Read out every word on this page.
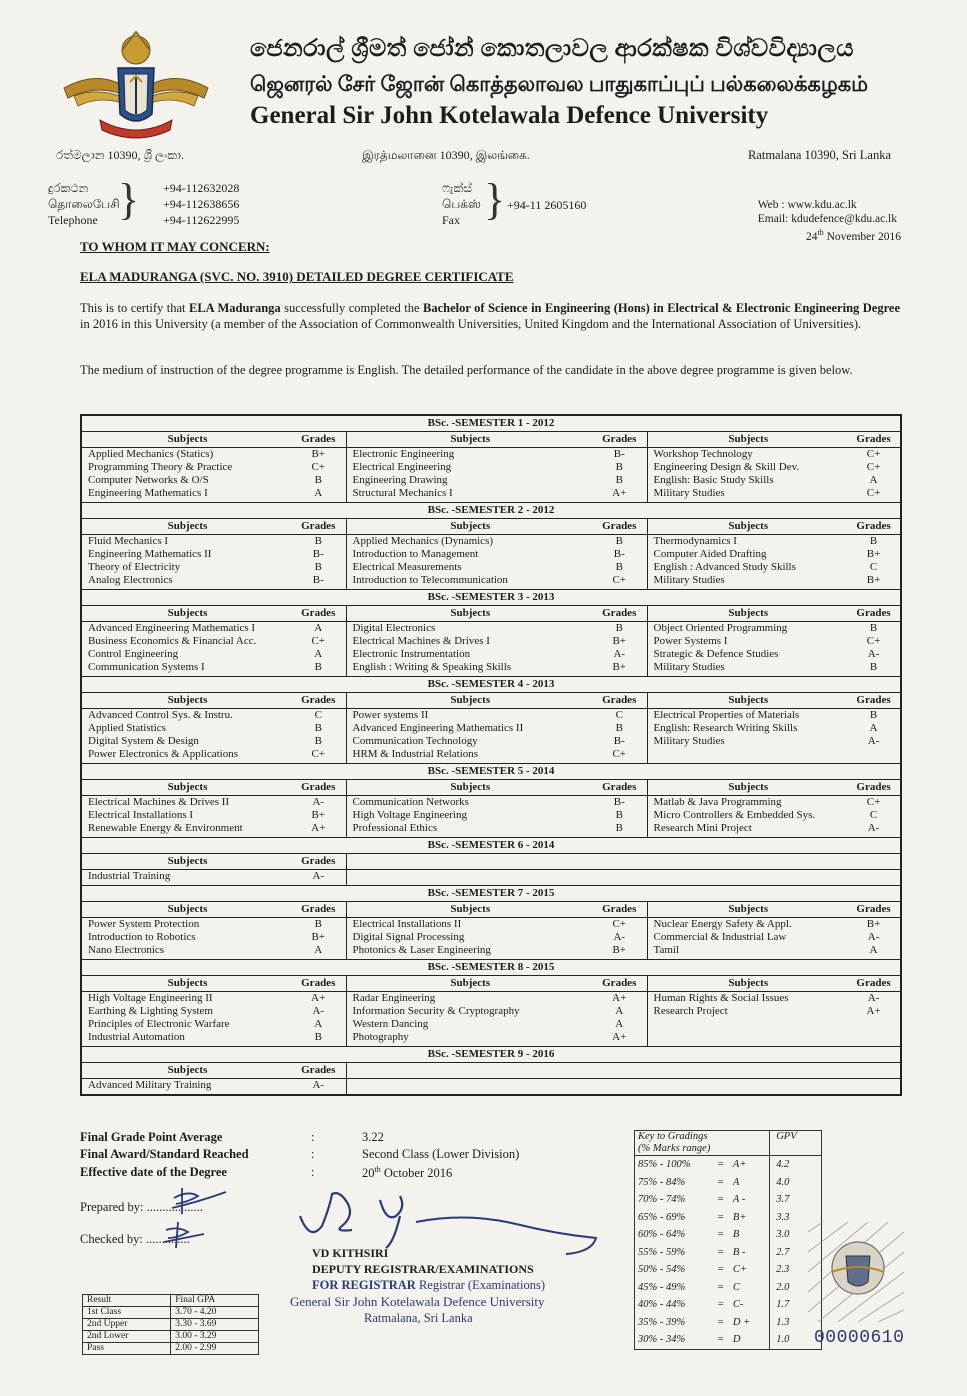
ජෙනරාල් ශ්‍රීමත් ජෝන් කොතලාවල ආරක්ෂක විශ්වවිද්‍යාලය
ஜெனரல் சேர் ஜோன் கொத்தலாவல பாதுகாப்புப் பல்கலைக்கழகம்
General Sir John Kotelawala Defence University
රත්මලාන 10390, ශ්‍රී ලංකා.	இரத்மலானை 10390, இலங்கை.	Ratmalana 10390, Sri Lanka
දුරකථන
தொலைபேசி
Telephone } +94-112632028
+94-112638656
+94-112622995
ෆැක්ස්
பெக்ஸ்
Fax } +94-11 2605160	Web : www.kdu.ac.lk
Email: kdudefence@kdu.ac.lk
24th November 2016
TO WHOM IT MAY CONCERN:
ELA MADURANGA (SVC. NO. 3910) DETAILED DEGREE CERTIFICATE
This is to certify that ELA Maduranga successfully completed the Bachelor of Science in Engineering (Hons) in Electrical & Electronic Engineering Degree in 2016 in this University (a member of the Association of Commonwealth Universities, United Kingdom and the International Association of Universities).
The medium of instruction of the degree programme is English. The detailed performance of the candidate in the above degree programme is given below.
BSc. -SEMESTER 1 - 2012					
Subjects	Grades	Subjects	Grades	Subjects	Grades
Applied Mechanics (Statics)	B+	Electronic Engineering	B-	Workshop Technology	C+
Programming Theory & Practice	C+	Electrical Engineering	B	Engineering Design & Skill Dev.	C+
Computer Networks & O/S	B	Engineering Drawing	B	English: Basic Study Skills	A
Engineering Mathematics I	A	Structural Mechanics I	A+	Military Studies	C+
BSc. -SEMESTER 2 - 2012					
Subjects	Grades	Subjects	Grades	Subjects	Grades
Fluid Mechanics I	B	Applied Mechanics (Dynamics)	B	Thermodynamics I	B
Engineering Mathematics II	B-	Introduction to Management	B-	Computer Aided Drafting	B+
Theory of Electricity	B	Electrical Measurements	B	English : Advanced Study Skills	C
Analog Electronics	B-	Introduction to Telecommunication	C+	Military Studies	B+
BSc. -SEMESTER 3 - 2013					
Subjects	Grades	Subjects	Grades	Subjects	Grades
Advanced Engineering Mathematics I	A	Digital Electronics	B	Object Oriented Programming	B
Business Economics & Financial Acc.	C+	Electrical Machines & Drives I	B+	Power Systems I	C+
Control Engineering	A	Electronic Instrumentation	A-	Strategic & Defence Studies	A-
Communication Systems I	B	English : Writing & Speaking Skills	B+	Military Studies	B
BSc. -SEMESTER 4 - 2013					
Subjects	Grades	Subjects	Grades	Subjects	Grades
Advanced Control Sys. & Instru.	C	Power systems II	C	Electrical Properties of Materials	B
Applied Statistics	B	Advanced Engineering Mathematics II	B	English: Research Writing Skills	A
Digital System & Design	B	Communication Technology	B-	Military Studies	A-
Power Electronics & Applications	C+	HRM & Industrial Relations	C+		
BSc. -SEMESTER 5 - 2014					
Subjects	Grades	Subjects	Grades	Subjects	Grades
Electrical Machines & Drives II	A-	Communication Networks	B-	Matlab & Java Programming	C+
Electrical Installations I	B+	High Voltage Engineering	B	Micro Controllers & Embedded Sys.	C
Renewable Energy & Environment	A+	Professional Ethics	B	Research Mini Project	A-
BSc. -SEMESTER 6 - 2014					
Subjects	Grades				
Industrial Training	A-				
BSc. -SEMESTER 7 - 2015					
Subjects	Grades	Subjects	Grades	Subjects	Grades
Power System Protection	B	Electrical Installations II	C+	Nuclear Energy Safety & Appl.	B+
Introduction to Robotics	B+	Digital Signal Processing	A-	Commercial & Industrial Law	A-
Nano Electronics	A	Photonics & Laser Engineering	B+	Tamil	A
BSc. -SEMESTER 8 - 2015					
Subjects	Grades	Subjects	Grades	Subjects	Grades
High Voltage Engineering II	A+	Radar Engineering	A+	Human Rights & Social Issues	A-
Earthing & Lighting System	A-	Information Security & Cryptography	A	Research Project	A+
Principles of Electronic Warfare	A	Western Dancing	A		
Industrial Automation	B	Photography	A+		
BSc. -SEMESTER 9 - 2016					
Subjects	Grades				
Advanced Military Training	A-				
Final Grade Point Average	:	3.22
Final Award/Standard Reached	:	Second Class (Lower Division)
Effective date of the Degree	:	20th October 2016
Prepared by: ..................
Checked by: ..............
VD KITHSIRI
DEPUTY REGISTRAR/EXAMINATIONS
FOR REGISTRAR Registrar (Examinations)
General Sir John Kotelawala Defence University
Ratmalana, Sri Lanka
Result	Final GPA
1st Class	3.70 - 4.20
2nd Upper	3.30 - 3.69
2nd Lower	3.00 - 3.29
Pass	2.00 - 2.99
Key to Gradings
(% Marks range)			GPV
85% - 100%	=	A+	4.2
75% - 84%	=	A	4.0
70% - 74%	=	A -	3.7
65% - 69%	=	B+	3.3
60% - 64%	=	B	3.0
55% - 59%	=	B -	2.7
50% - 54%	=	C+	2.3
45% - 49%	=	C	2.0
40% - 44%	=	C-	1.7
35% - 39%	=	D +	1.3
30% - 34%	=	D	1.0 00000610
